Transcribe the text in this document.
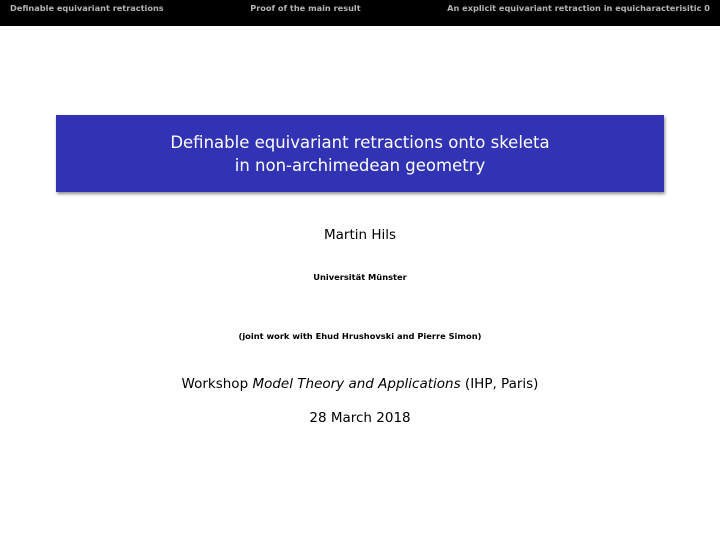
Definable equivariant retractions	Proof of the main result	An explicit equivariant retraction in equicharacterisitic 0
Definable equivariant retractions onto skeleta
in non-archimedean geometry
Martin Hils
Universität Münster
(joint work with Ehud Hrushovski and Pierre Simon)
Workshop Model Theory and Applications (IHP, Paris)
28 March 2018
